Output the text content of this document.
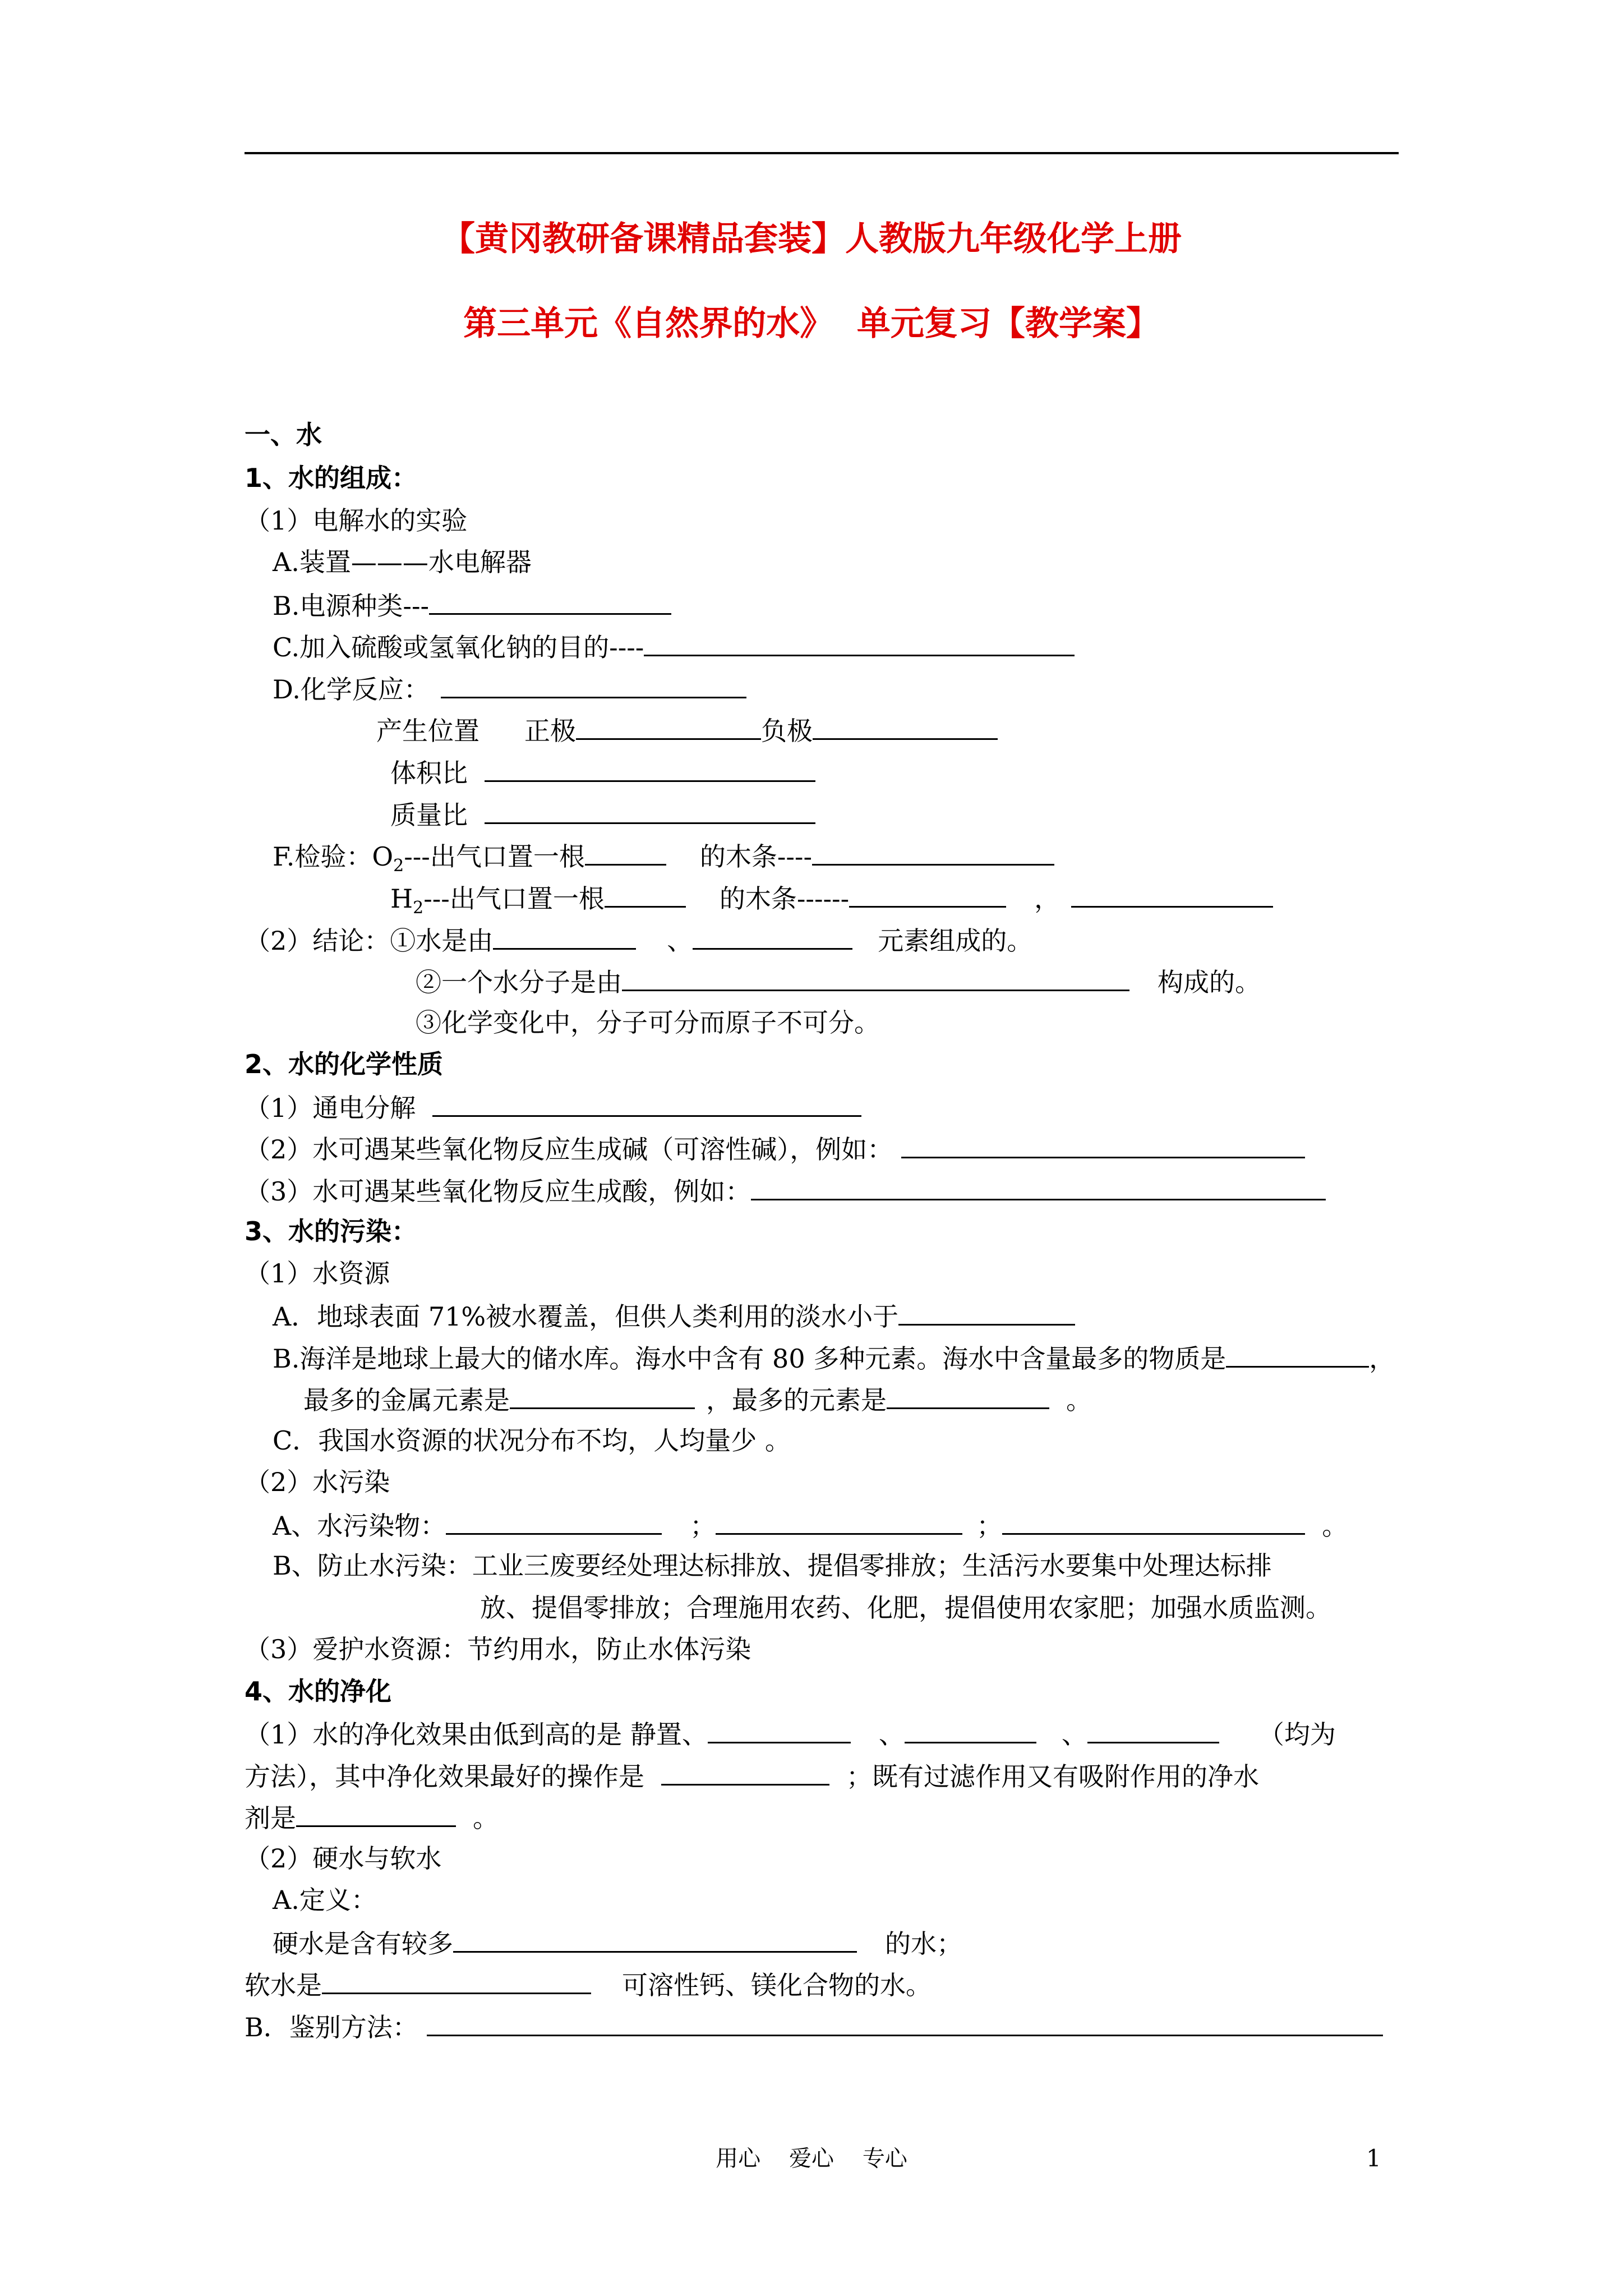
【黄冈教研备课精品套装】人教版九年级化学上册
第三单元《自然界的水》  单元复习【教学案】
一、水
1、水的组成：
（1）电解水的实验
A.装置———水电解器
B.电源种类---
C.加入硫酸或氢氧化钠的目的----
D.化学反应：
产生位置 正极	负极
体积比
质量比
F.检验：$O_2---$出气口置一根	的木条----
$H_2---$出气口置一根	的木条------	，
（2）结论：①水是由	、	元素组成的。
②一个水分子是由	构成的。
③化学变化中，分子可分而原子不可分。
2、水的化学性质
（1）通电分解
（2）水可遇某些氧化物反应生成碱（可溶性碱），例如：
（3）水可遇某些氧化物反应生成酸，例如：
3、水的污染：
（1）水资源
A．地球表面 71%被水覆盖，但供人类利用的淡水小于
B.海洋是地球上最大的储水库。海水中含有 80 多种元素。海水中含量最多的物质是	，
最多的金属元素是	，最多的元素是	。
C．我国水资源的状况分布不均，人均量少 。
（2）水污染
A、水污染物：	；	；	。
B、防止水污染：工业三废要经处理达标排放、提倡零排放；生活污水要集中处理达标排
放、提倡零排放；合理施用农药、化肥，提倡使用农家肥；加强水质监测。
（3）爱护水资源：节约用水，防止水体污染
4、水的净化
（1）水的净化效果由低到高的是 静置、	、	、	（均为
方法），其中净化效果最好的操作是	；既有过滤作用又有吸附作用的净水
剂是	。
（2）硬水与软水
A.定义：
硬水是含有较多	的水；
软水是	可溶性钙、镁化合物的水。
B．鉴别方法：
用心    爱心    专心	1
